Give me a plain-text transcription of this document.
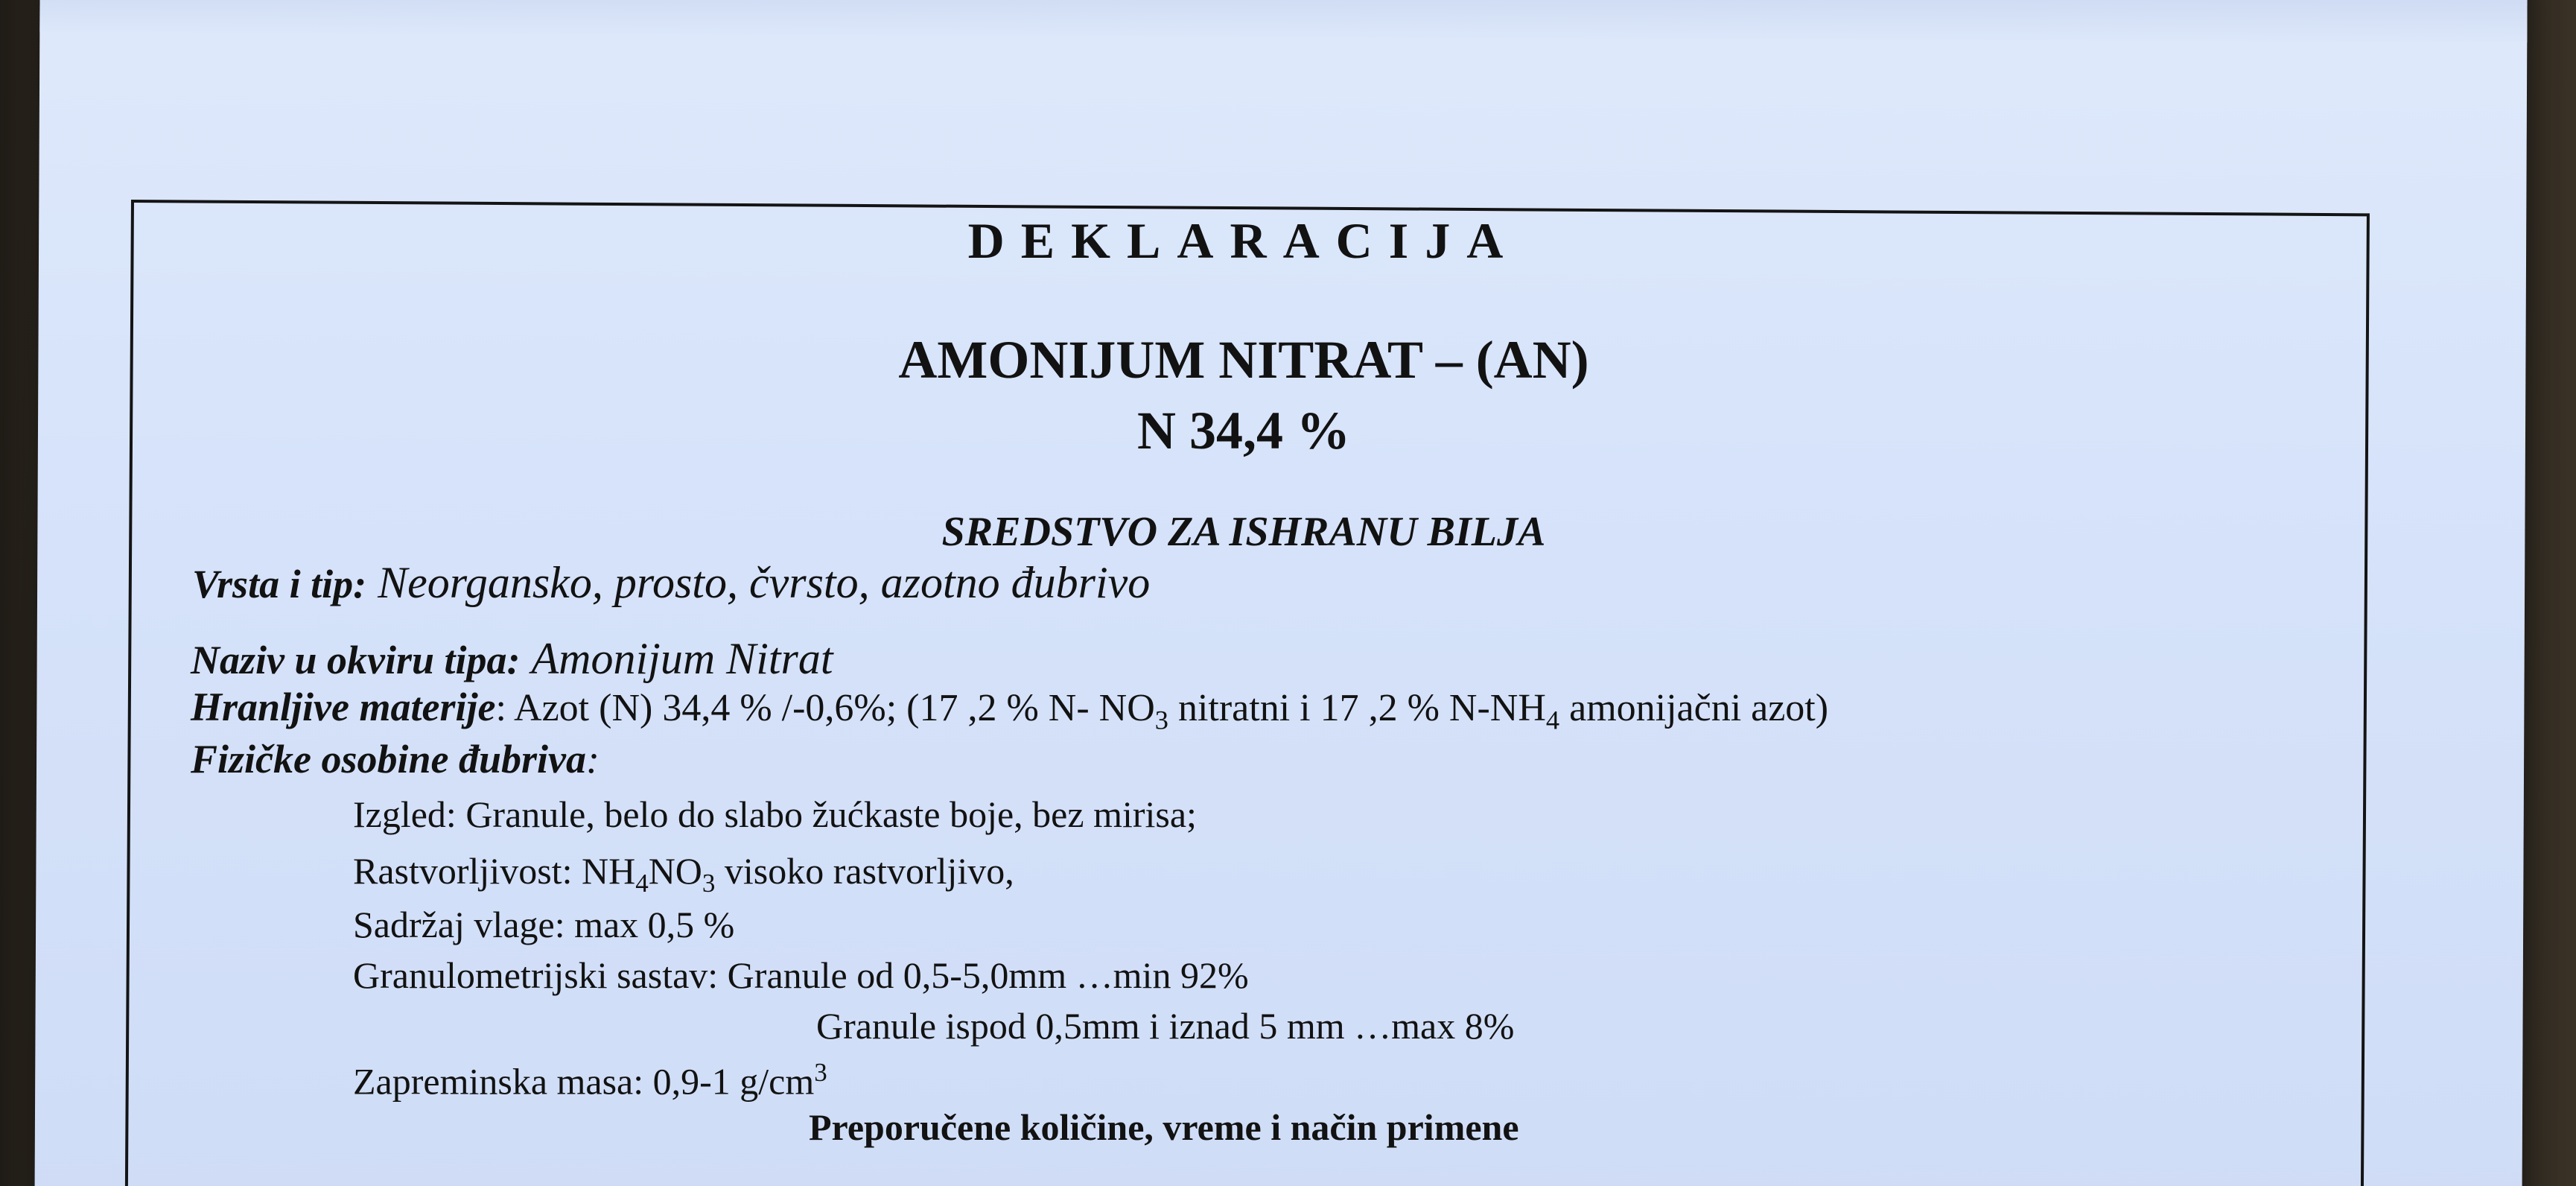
DEKLARACIJA
AMONIJUM NITRAT – (AN)
N 34,4 %
SREDSTVO ZA ISHRANU BILJA
Vrsta i tip: Neorgansko, prosto, čvrsto, azotno đubrivo
Naziv u okviru tipa: Amonijum Nitrat
Hranljive materije: Azot (N) 34,4 % /-0,6%; (17 ,2 % N- $NO_3$ nitratni i 17 ,2 % $N-NH_4$ amonijačni azot)
Fizičke osobine đubriva:
Izgled: Granule, belo do slabo žućkaste boje, bez mirisa;
Rastvorljivost: $NH_4NO_3$ visoko rastvorljivo,
Sadržaj vlage: max 0,5 %
Granulometrijski sastav: Granule od 0,5-5,0mm …min 92%
Granule ispod 0,5mm i iznad 5 mm …max 8%
Zapreminska masa: 0,9-1 $g/cm^3$
Preporučene količine, vreme i način primene
